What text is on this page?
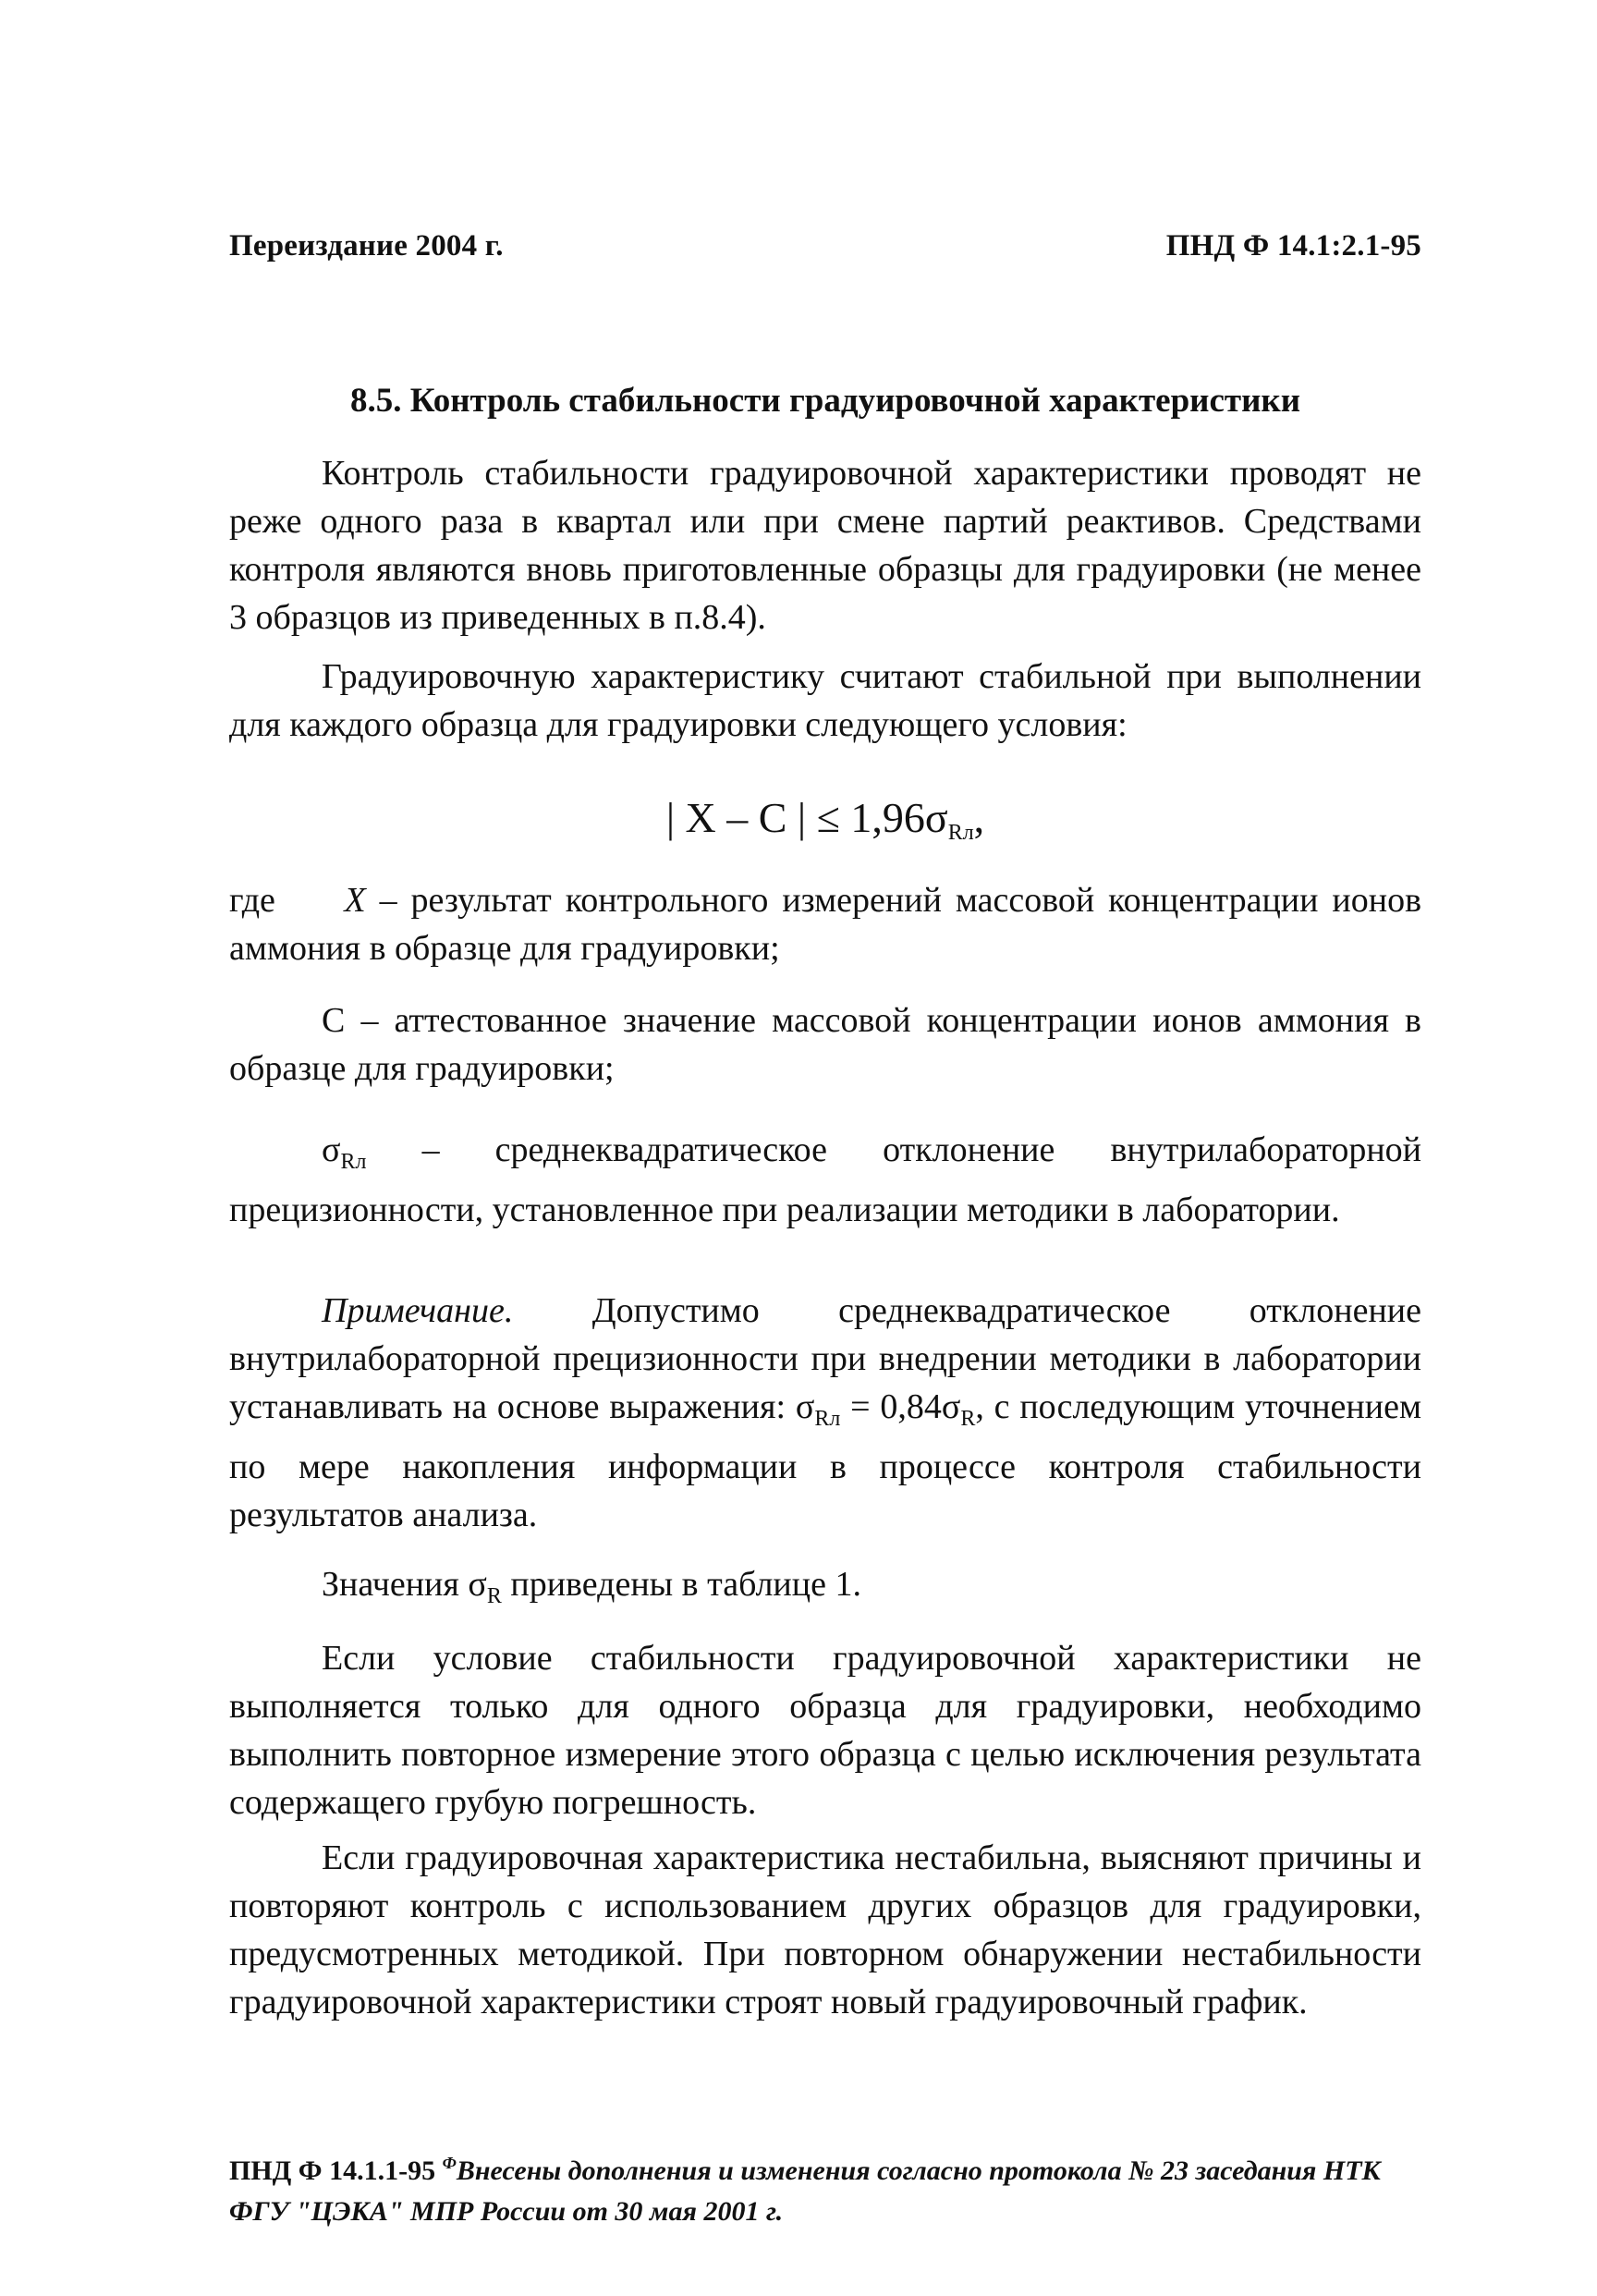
Переиздание 2004 г.	ПНД Ф 14.1:2.1-95
8.5. Контроль стабильности градуировочной характеристики
Контроль стабильности градуировочной характеристики проводят не реже одного раза в квартал или при смене партий реактивов. Средствами контроля являются вновь приготовленные образцы для градуировки (не менее 3 образцов из приведенных в п.8.4).
Градуировочную характеристику считают стабильной при выполнении для каждого образца для градуировки следующего условия:
| X – C | ≤ $1,96\sigma_{Rл}$,
где X – результат контрольного измерений массовой концентрации ионов аммония в образце для градуировки;
С – аттестованное значение массовой концентрации ионов аммония в образце для градуировки;
$\sigma_{Rл}$ – среднеквадратическое отклонение внутрилабораторной прецизионности, установленное при реализации методики в лаборатории.
Примечание. Допустимо среднеквадратическое отклонение внутрилабораторной прецизионности при внедрении методики в лаборатории устанавливать на основе выражения: $\sigma_{Rл} = 0,84\sigma_R$, с последующим уточнением по мере накопления информации в процессе контроля стабильности результатов анализа.
Значения $\sigma_R$ приведены в таблице 1.
Если условие стабильности градуировочной характеристики не выполняется только для одного образца для градуировки, необходимо выполнить повторное измерение этого образца с целью исключения результата содержащего грубую погрешность.
Если градуировочная характеристика нестабильна, выясняют причины и повторяют контроль с использованием других образцов для градуировки, предусмотренных методикой. При повторном обнаружении нестабильности градуировочной характеристики строят новый градуировочный график.
ПНД Ф 14.1.1-95 $^Ф$Внесены дополнения и изменения согласно протокола № 23 заседания НТК ФГУ "ЦЭКА" МПР России от 30 мая 2001 г.
